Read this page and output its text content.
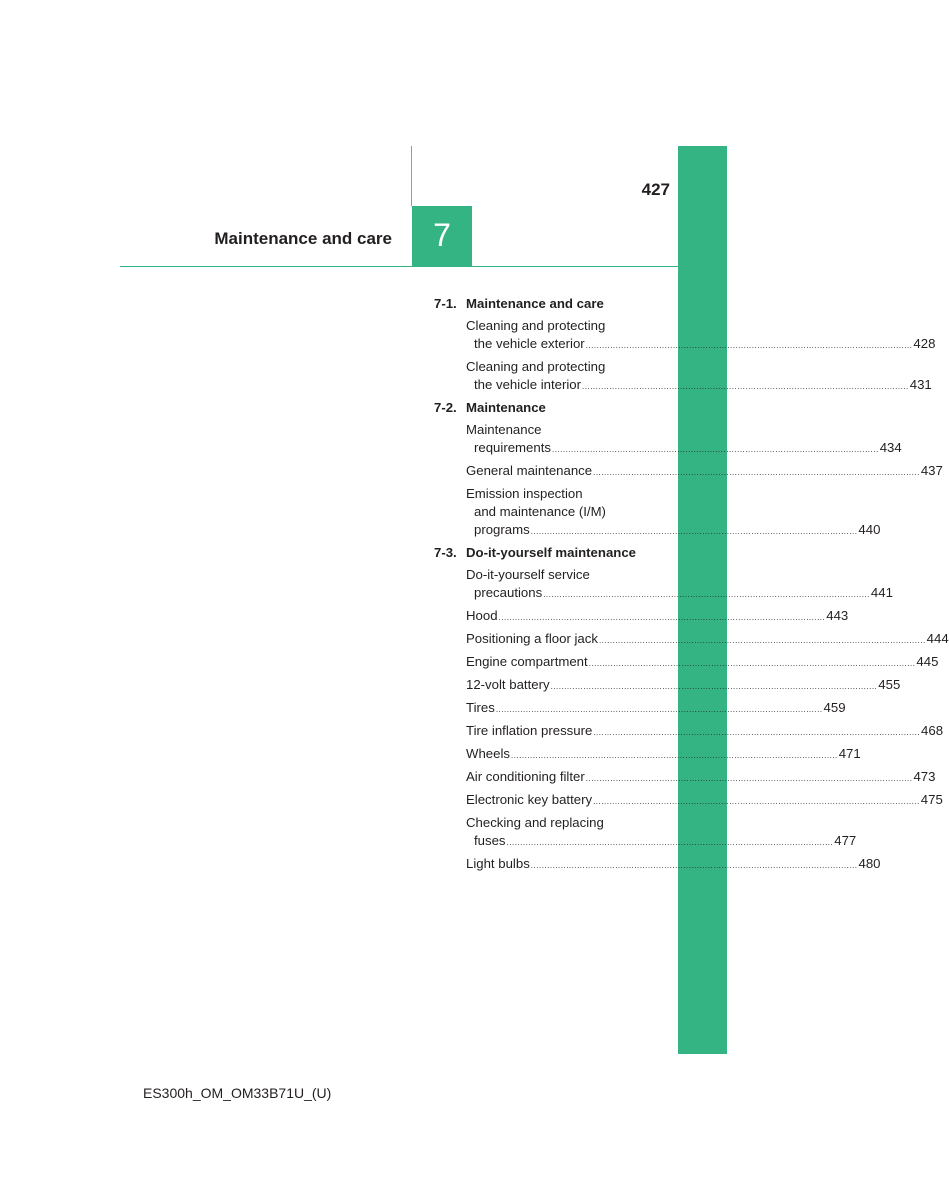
427
Maintenance and care	7
7-1. Maintenance and care
Cleaning and protecting
the vehicle exterior ........................................................................................................................ 428
Cleaning and protecting
the vehicle interior ........................................................................................................................ 431
7-2. Maintenance
Maintenance
requirements ........................................................................................................................ 434
General maintenance ........................................................................................................................ 437
Emission inspection
and maintenance (I/M)
programs ........................................................................................................................ 440
7-3. Do-it-yourself maintenance
Do-it-yourself service
precautions ........................................................................................................................ 441
Hood ........................................................................................................................ 443
Positioning a floor jack ........................................................................................................................ 444
Engine compartment ........................................................................................................................ 445
12-volt battery ........................................................................................................................ 455
Tires ........................................................................................................................ 459
Tire inflation pressure ........................................................................................................................ 468
Wheels ........................................................................................................................ 471
Air conditioning filter ........................................................................................................................ 473
Electronic key battery ........................................................................................................................ 475
Checking and replacing
fuses ........................................................................................................................ 477
Light bulbs ........................................................................................................................ 480
ES300h_OM_OM33B71U_(U)
